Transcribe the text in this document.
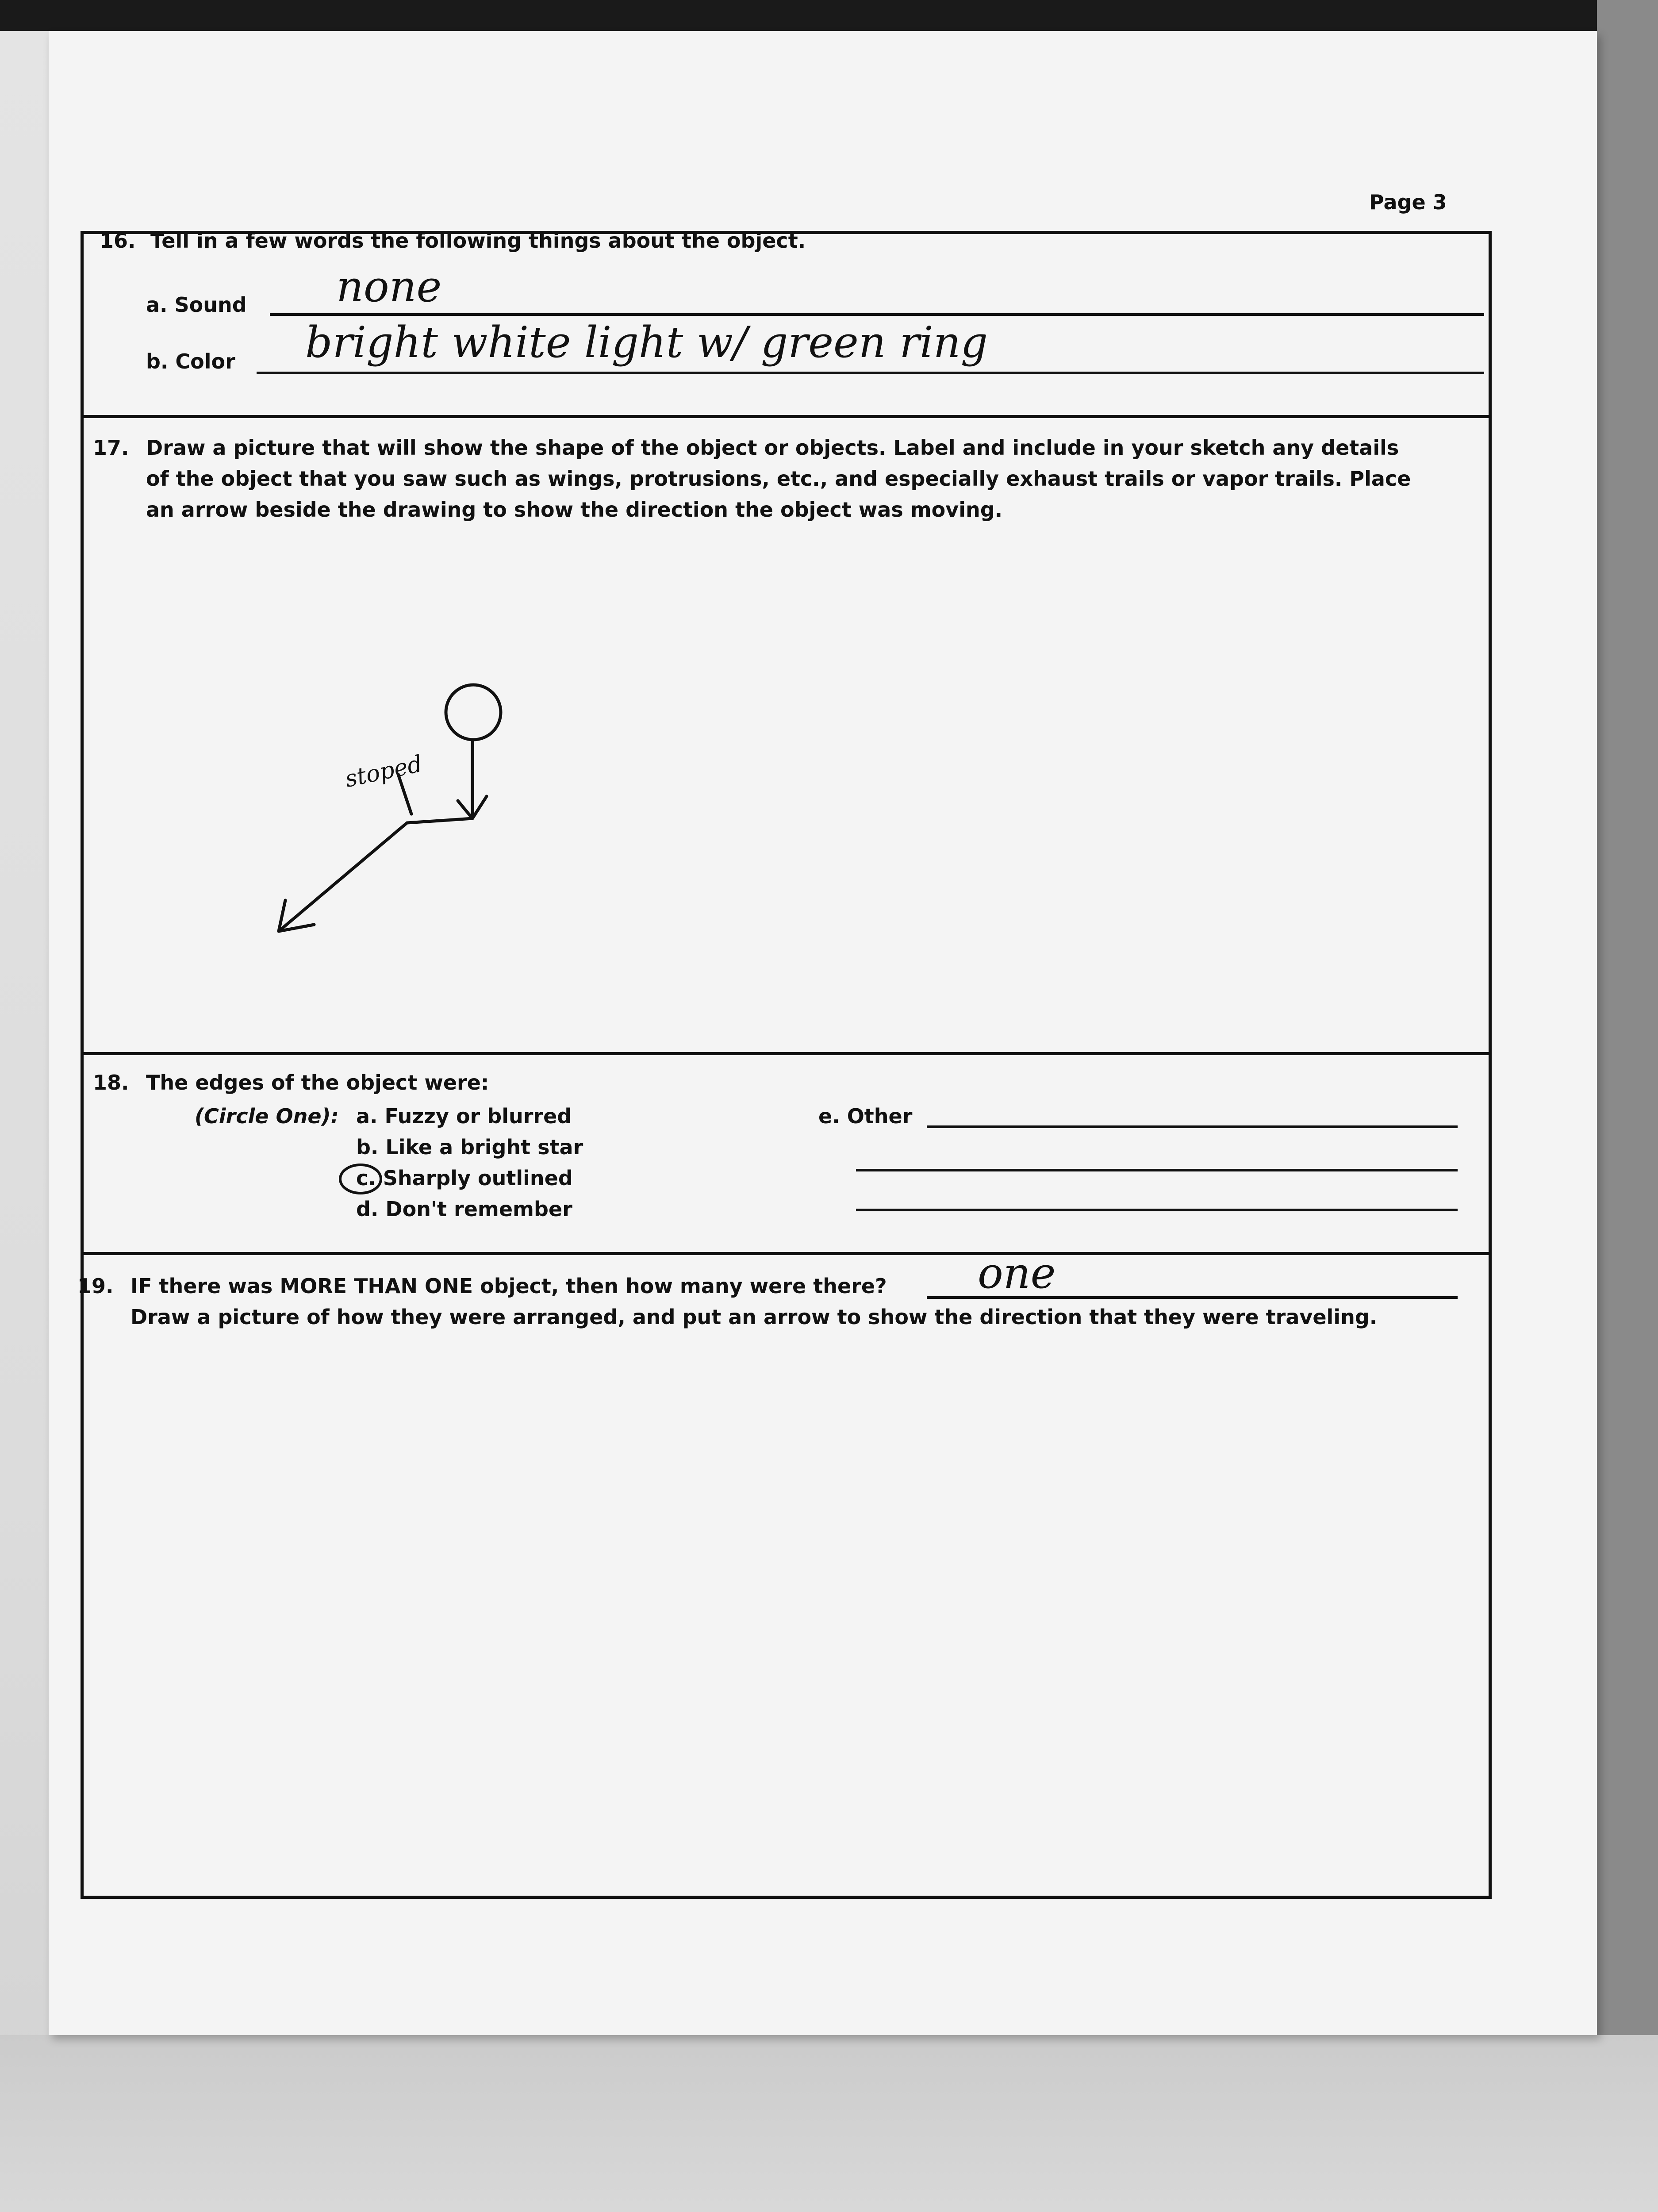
Page 3
16. Tell in a few words the following things about the object.
a. Sound none
b. Color bright white light w/ green ring
17. Draw a picture that will show the shape of the object or objects. Label and include in your sketch any details
of the object that you saw such as wings, protrusions, etc., and especially exhaust trails or vapor trails. Place
an arrow beside the drawing to show the direction the object was moving.
stoped
18. The edges of the object were:
(Circle One): a. Fuzzy or blurred
b. Like a bright star
c. Sharply outlined
d. Don't remember
e. Other
19. IF there was MORE THAN ONE object, then how many were there? one
Draw a picture of how they were arranged, and put an arrow to show the direction that they were traveling.
